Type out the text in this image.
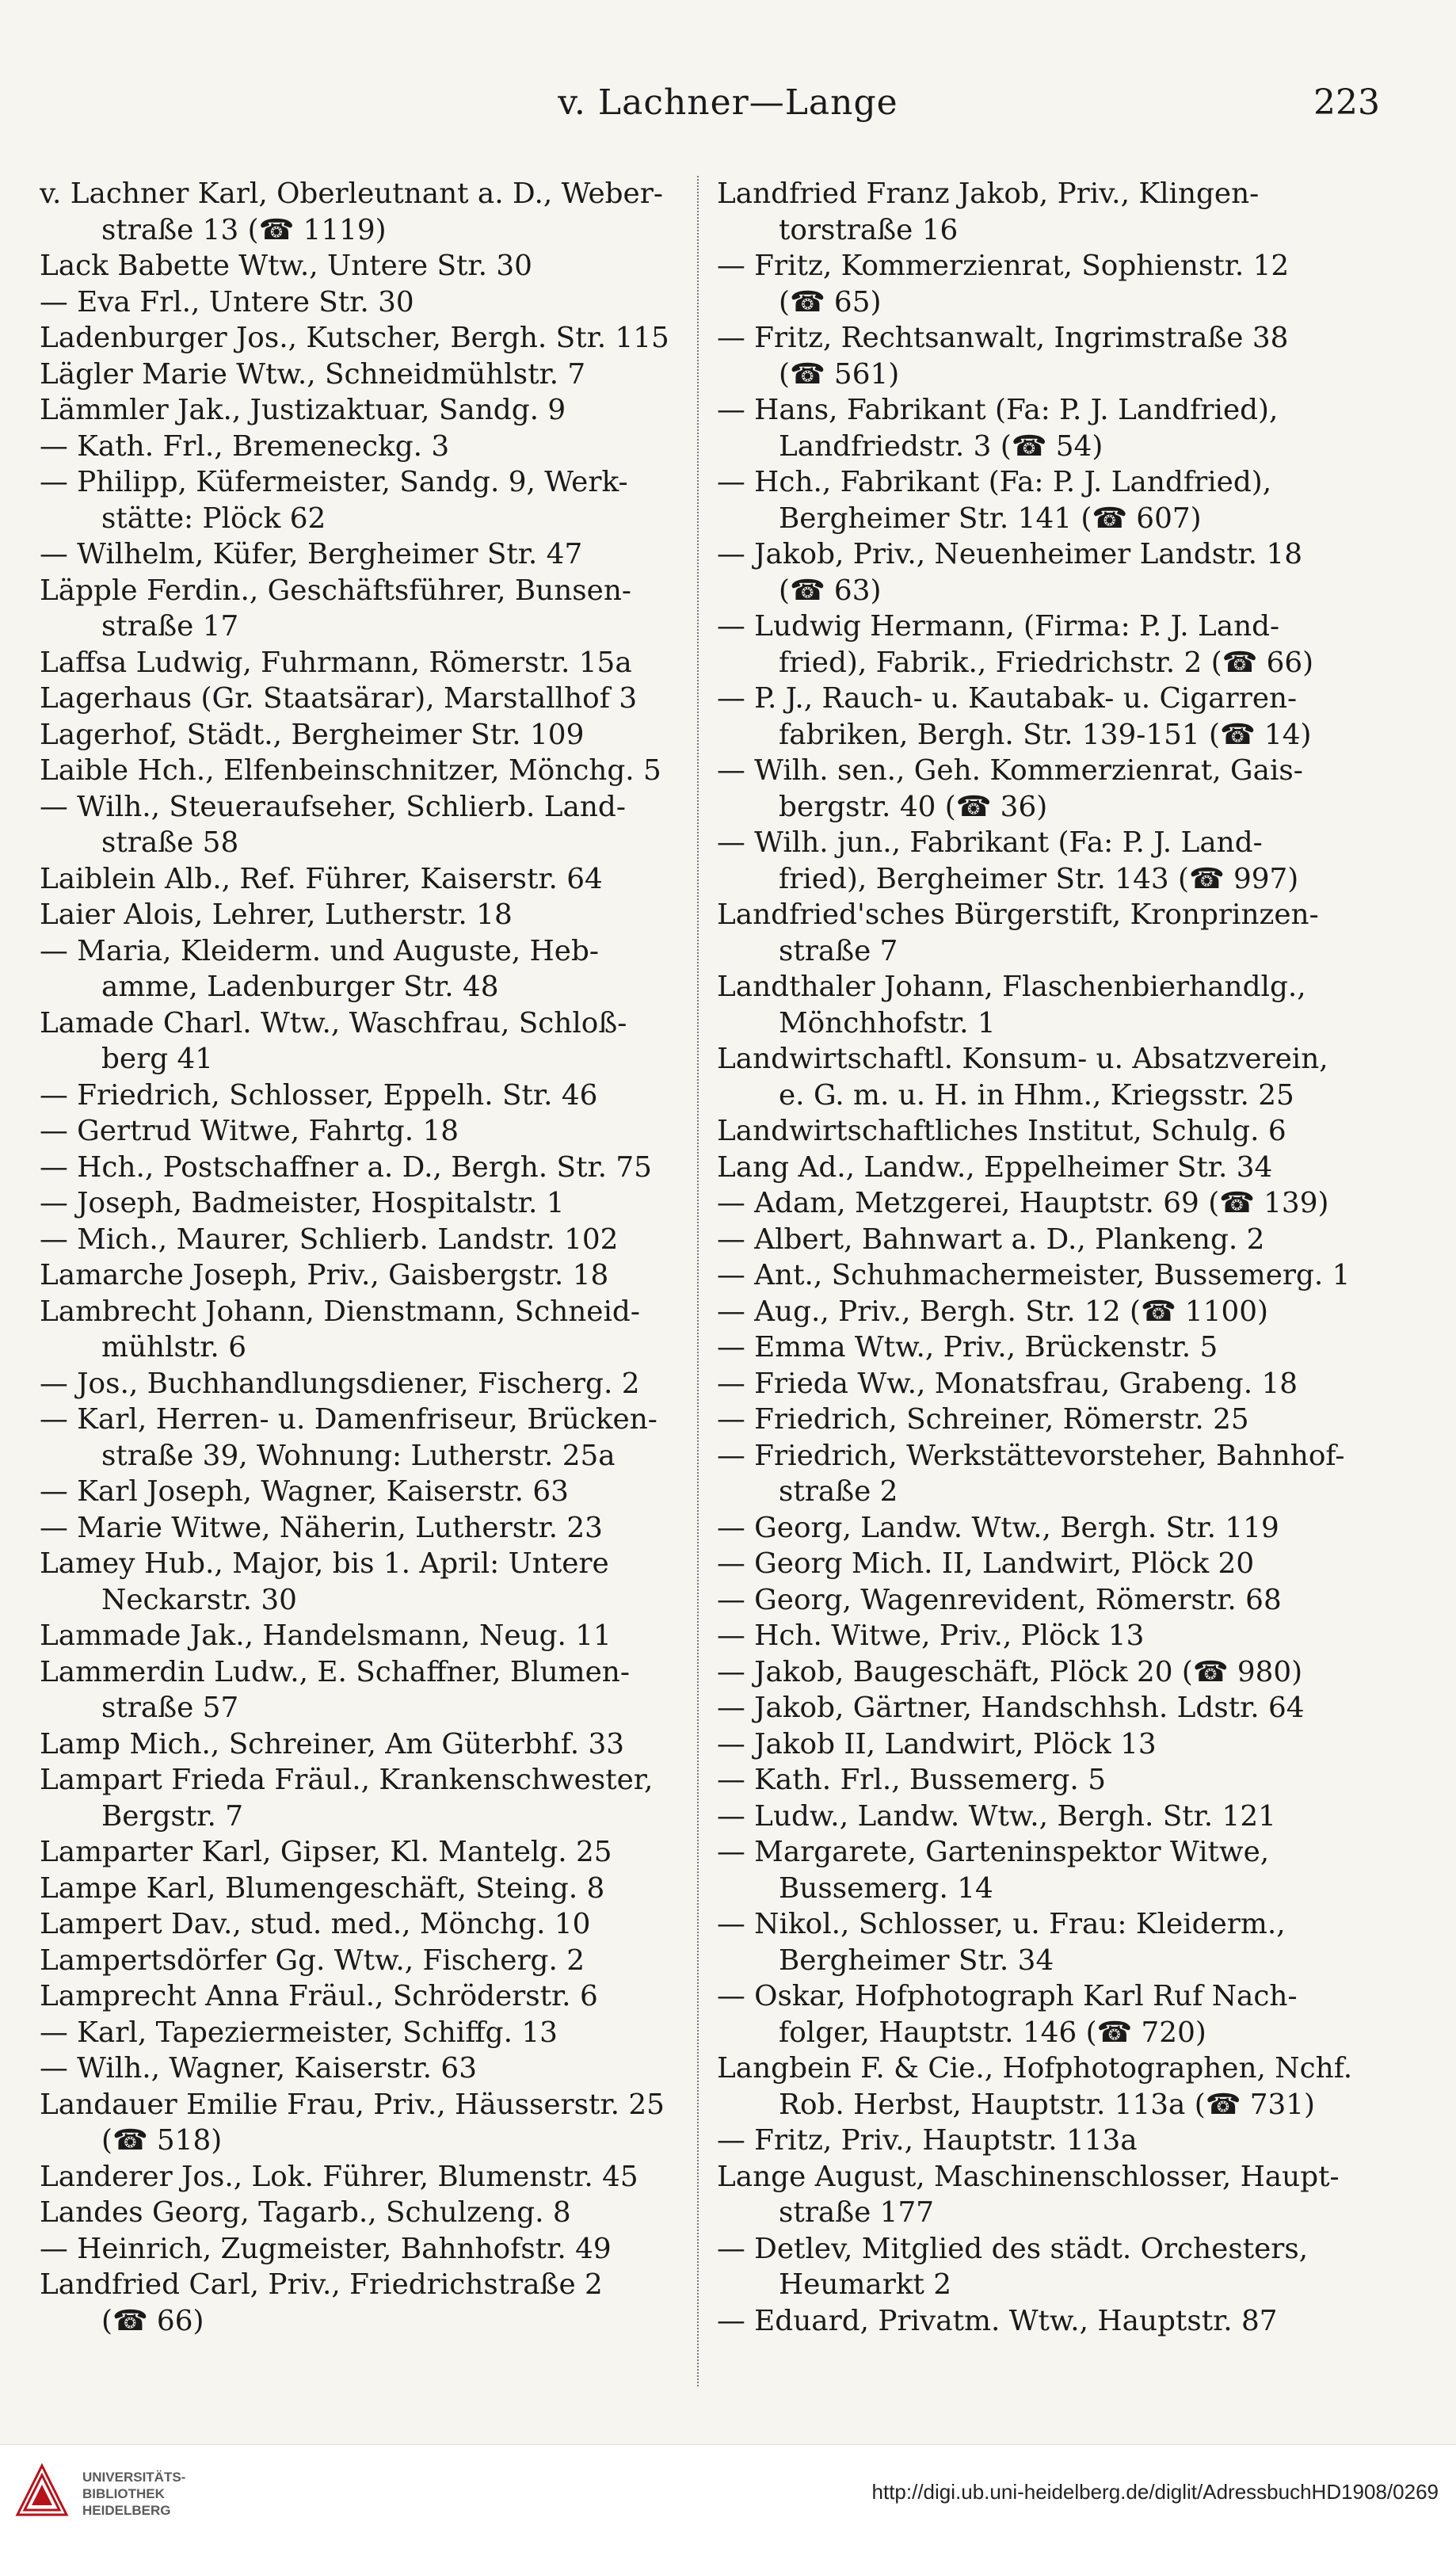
v. Lachner—Lange	223
v. Lachner Karl, Oberleutnant a. D., Weber-
straße 13 (☎ 1119)
Lack Babette Wtw., Untere Str. 30
— Eva Frl., Untere Str. 30
Ladenburger Jos., Kutscher, Bergh. Str. 115
Lägler Marie Wtw., Schneidmühlstr. 7
Lämmler Jak., Justizaktuar, Sandg. 9
— Kath. Frl., Bremeneckg. 3
— Philipp, Küfermeister, Sandg. 9, Werk-
stätte: Plöck 62
— Wilhelm, Küfer, Bergheimer Str. 47
Läpple Ferdin., Geschäftsführer, Bunsen-
straße 17
Laffsa Ludwig, Fuhrmann, Römerstr. 15a
Lagerhaus (Gr. Staatsärar), Marstallhof 3
Lagerhof, Städt., Bergheimer Str. 109
Laible Hch., Elfenbeinschnitzer, Mönchg. 5
— Wilh., Steueraufseher, Schlierb. Land-
straße 58
Laiblein Alb., Ref. Führer, Kaiserstr. 64
Laier Alois, Lehrer, Lutherstr. 18
— Maria, Kleiderm. und Auguste, Heb-
amme, Ladenburger Str. 48
Lamade Charl. Wtw., Waschfrau, Schloß-
berg 41
— Friedrich, Schlosser, Eppelh. Str. 46
— Gertrud Witwe, Fahrtg. 18
— Hch., Postschaffner a. D., Bergh. Str. 75
— Joseph, Badmeister, Hospitalstr. 1
— Mich., Maurer, Schlierb. Landstr. 102
Lamarche Joseph, Priv., Gaisbergstr. 18
Lambrecht Johann, Dienstmann, Schneid-
mühlstr. 6
— Jos., Buchhandlungsdiener, Fischerg. 2
— Karl, Herren- u. Damenfriseur, Brücken-
straße 39, Wohnung: Lutherstr. 25a
— Karl Joseph, Wagner, Kaiserstr. 63
— Marie Witwe, Näherin, Lutherstr. 23
Lamey Hub., Major, bis 1. April: Untere
Neckarstr. 30
Lammade Jak., Handelsmann, Neug. 11
Lammerdin Ludw., E. Schaffner, Blumen-
straße 57
Lamp Mich., Schreiner, Am Güterbhf. 33
Lampart Frieda Fräul., Krankenschwester,
Bergstr. 7
Lamparter Karl, Gipser, Kl. Mantelg. 25
Lampe Karl, Blumengeschäft, Steing. 8
Lampert Dav., stud. med., Mönchg. 10
Lampertsdörfer Gg. Wtw., Fischerg. 2
Lamprecht Anna Fräul., Schröderstr. 6
— Karl, Tapeziermeister, Schiffg. 13
— Wilh., Wagner, Kaiserstr. 63
Landauer Emilie Frau, Priv., Häusserstr. 25
(☎ 518)
Landerer Jos., Lok. Führer, Blumenstr. 45
Landes Georg, Tagarb., Schulzeng. 8
— Heinrich, Zugmeister, Bahnhofstr. 49
Landfried Carl, Priv., Friedrichstraße 2
(☎ 66)
Landfried Franz Jakob, Priv., Klingen-
torstraße 16
— Fritz, Kommerzienrat, Sophienstr. 12
(☎ 65)
— Fritz, Rechtsanwalt, Ingrimstraße 38
(☎ 561)
— Hans, Fabrikant (Fa: P. J. Landfried),
Landfriedstr. 3 (☎ 54)
— Hch., Fabrikant (Fa: P. J. Landfried),
Bergheimer Str. 141 (☎ 607)
— Jakob, Priv., Neuenheimer Landstr. 18
(☎ 63)
— Ludwig Hermann, (Firma: P. J. Land-
fried), Fabrik., Friedrichstr. 2 (☎ 66)
— P. J., Rauch- u. Kautabak- u. Cigarren-
fabriken, Bergh. Str. 139-151 (☎ 14)
— Wilh. sen., Geh. Kommerzienrat, Gais-
bergstr. 40 (☎ 36)
— Wilh. jun., Fabrikant (Fa: P. J. Land-
fried), Bergheimer Str. 143 (☎ 997)
Landfried'sches Bürgerstift, Kronprinzen-
straße 7
Landthaler Johann, Flaschenbierhandlg.,
Mönchhofstr. 1
Landwirtschaftl. Konsum- u. Absatzverein,
e. G. m. u. H. in Hhm., Kriegsstr. 25
Landwirtschaftliches Institut, Schulg. 6
Lang Ad., Landw., Eppelheimer Str. 34
— Adam, Metzgerei, Hauptstr. 69 (☎ 139)
— Albert, Bahnwart a. D., Plankeng. 2
— Ant., Schuhmachermeister, Bussemerg. 1
— Aug., Priv., Bergh. Str. 12 (☎ 1100)
— Emma Wtw., Priv., Brückenstr. 5
— Frieda Ww., Monatsfrau, Grabeng. 18
— Friedrich, Schreiner, Römerstr. 25
— Friedrich, Werkstättevorsteher, Bahnhof-
straße 2
— Georg, Landw. Wtw., Bergh. Str. 119
— Georg Mich. II, Landwirt, Plöck 20
— Georg, Wagenrevident, Römerstr. 68
— Hch. Witwe, Priv., Plöck 13
— Jakob, Baugeschäft, Plöck 20 (☎ 980)
— Jakob, Gärtner, Handschhsh. Ldstr. 64
— Jakob II, Landwirt, Plöck 13
— Kath. Frl., Bussemerg. 5
— Ludw., Landw. Wtw., Bergh. Str. 121
— Margarete, Garteninspektor Witwe,
Bussemerg. 14
— Nikol., Schlosser, u. Frau: Kleiderm.,
Bergheimer Str. 34
— Oskar, Hofphotograph Karl Ruf Nach-
folger, Hauptstr. 146 (☎ 720)
Langbein F. & Cie., Hofphotographen, Nchf.
Rob. Herbst, Hauptstr. 113a (☎ 731)
— Fritz, Priv., Hauptstr. 113a
Lange August, Maschinenschlosser, Haupt-
straße 177
— Detlev, Mitglied des städt. Orchesters,
Heumarkt 2
— Eduard, Privatm. Wtw., Hauptstr. 87
UNIVERSITÄTS-
BIBLIOTHEK
HEIDELBERG
http://digi.ub.uni-heidelberg.de/diglit/AdressbuchHD1908/0269
